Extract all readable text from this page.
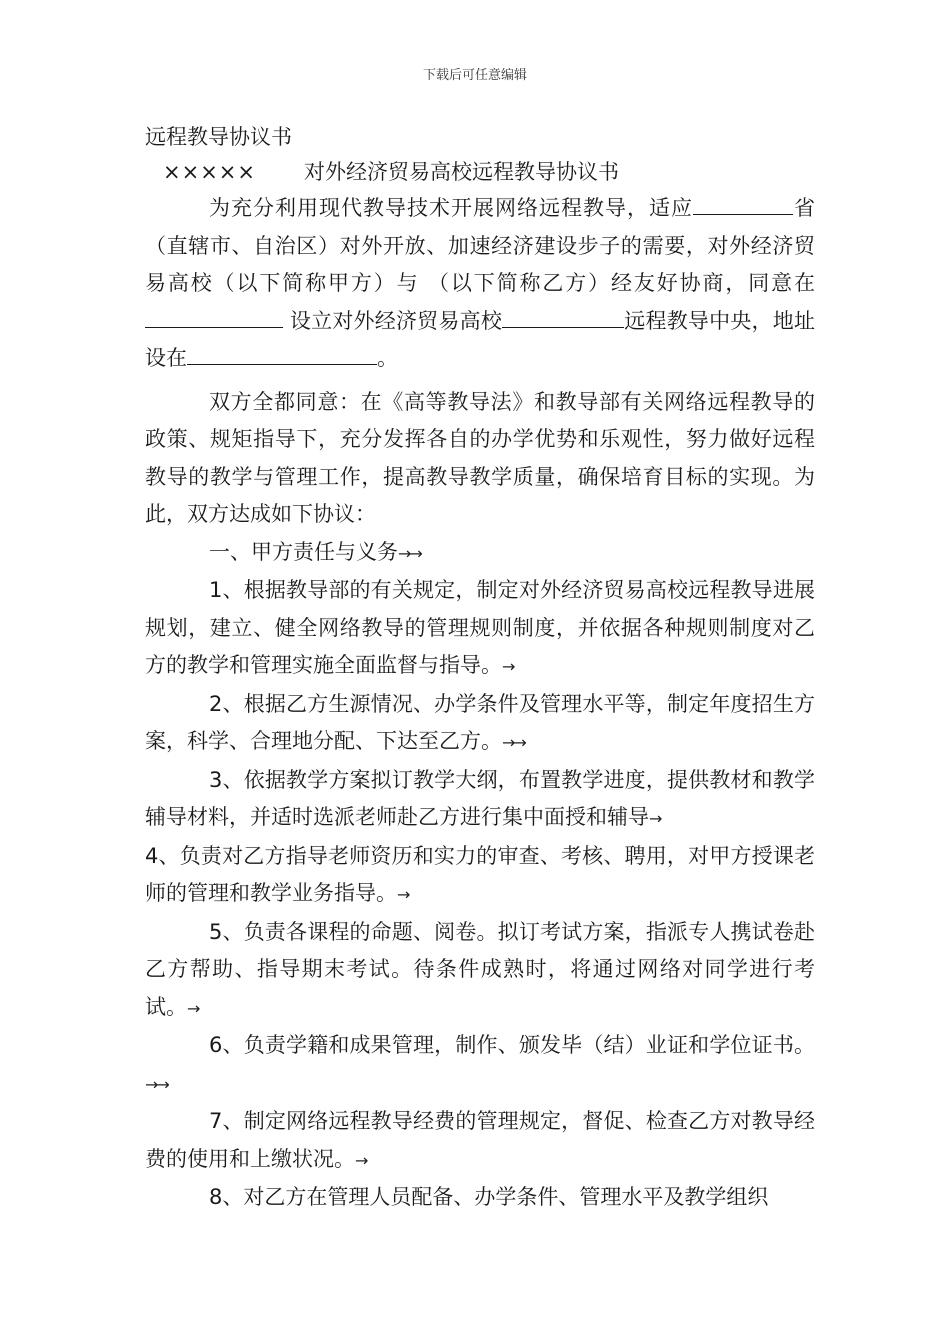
下载后可任意编辑
远程教导协议书
××××× 对外经济贸易高校远程教导协议书

为充分利用现代教导技术开展网络远程教导，适应	省（直辖市、自治区）对外开放、加速经济建设步子的需要，对外经济贸易高校（以下简称甲方）与 （以下简称乙方）经友好协商，同意在 设立对外经济贸易高校	远程教导中央，地址设在	。

双方全都同意：在《高等教导法》和教导部有关网络远程教导的政策、规矩指导下，充分发挥各自的办学优势和乐观性，努力做好远程教导的教学与管理工作，提高教导教学质量，确保培育目标的实现。为此，双方达成如下协议：

一、甲方责任与义务→→

1、根据教导部的有关规定，制定对外经济贸易高校远程教导进展规划，建立、健全网络教导的管理规则制度，并依据各种规则制度对乙方的教学和管理实施全面监督与指导。→

2、根据乙方生源情况、办学条件及管理水平等，制定年度招生方案，科学、合理地分配、下达至乙方。→→

3、依据教学方案拟订教学大纲，布置教学进度，提供教材和教学辅导材料，并适时选派老师赴乙方进行集中面授和辅导→

4、负责对乙方指导老师资历和实力的审查、考核、聘用，对甲方授课老师的管理和教学业务指导。→

5、负责各课程的命题、阅卷。拟订考试方案，指派专人携试卷赴乙方帮助、指导期末考试。待条件成熟时，将通过网络对同学进行考试。→

6、负责学籍和成果管理，制作、颁发毕（结）业证和学位证书。→→

7、制定网络远程教导经费的管理规定，督促、检查乙方对教导经费的使用和上缴状况。→

8、对乙方在管理人员配备、办学条件、管理水平及教学组织
